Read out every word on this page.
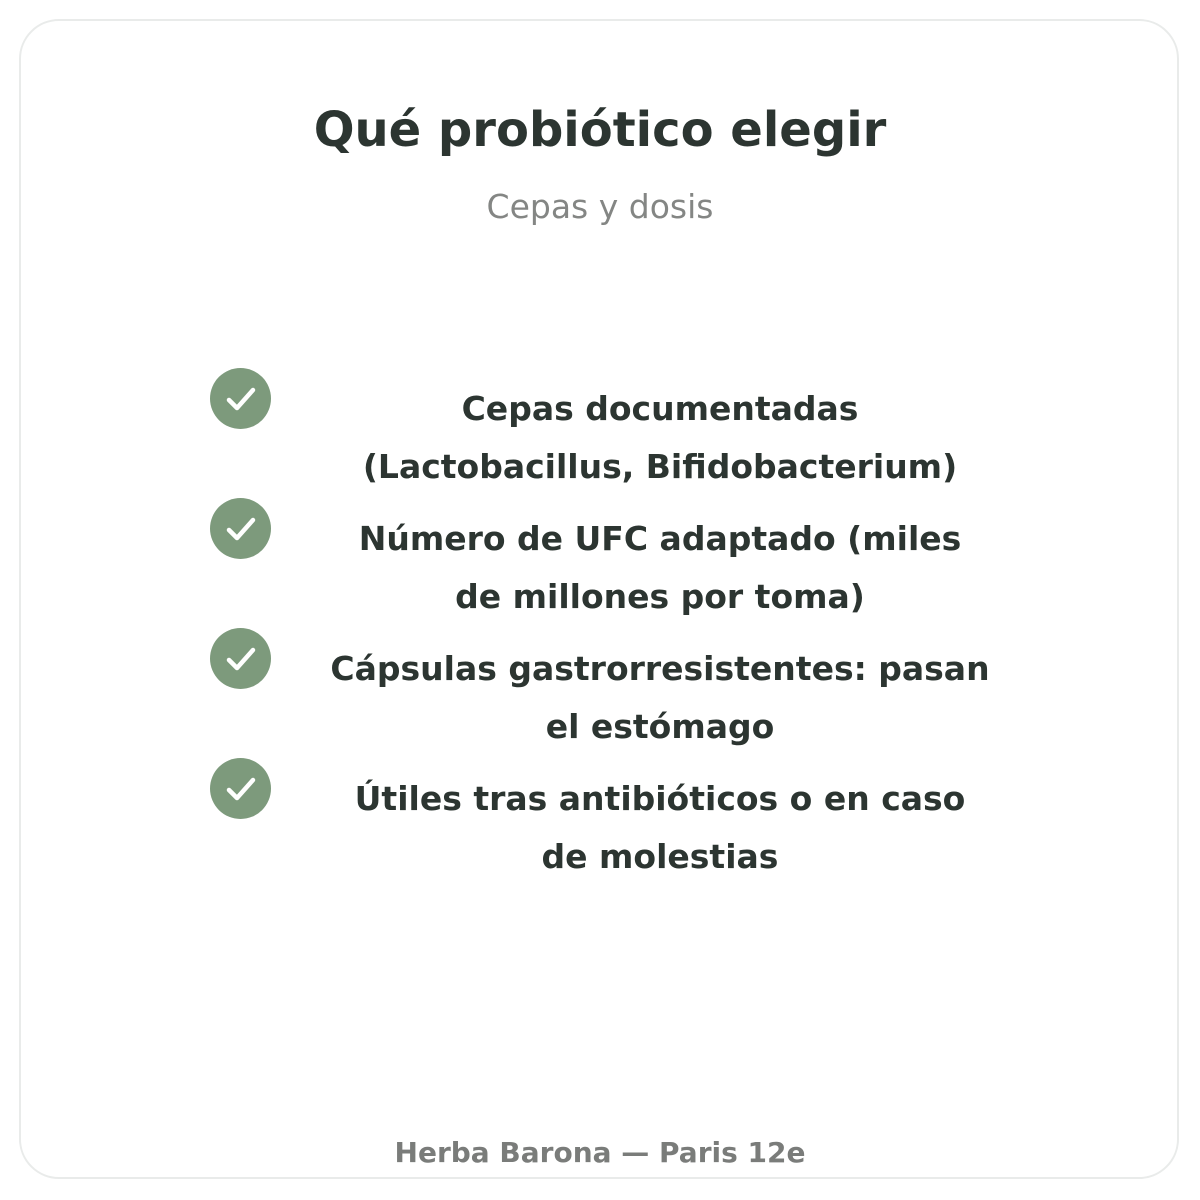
Qué probiótico elegir
Cepas y dosis
Cepas documentadas (Lactobacillus, Bifidobacterium)
Número de UFC adaptado (miles de millones por toma)
Cápsulas gastrorresistentes: pasan el estómago
Útiles tras antibióticos o en caso de molestias
Herba Barona — Paris 12e
